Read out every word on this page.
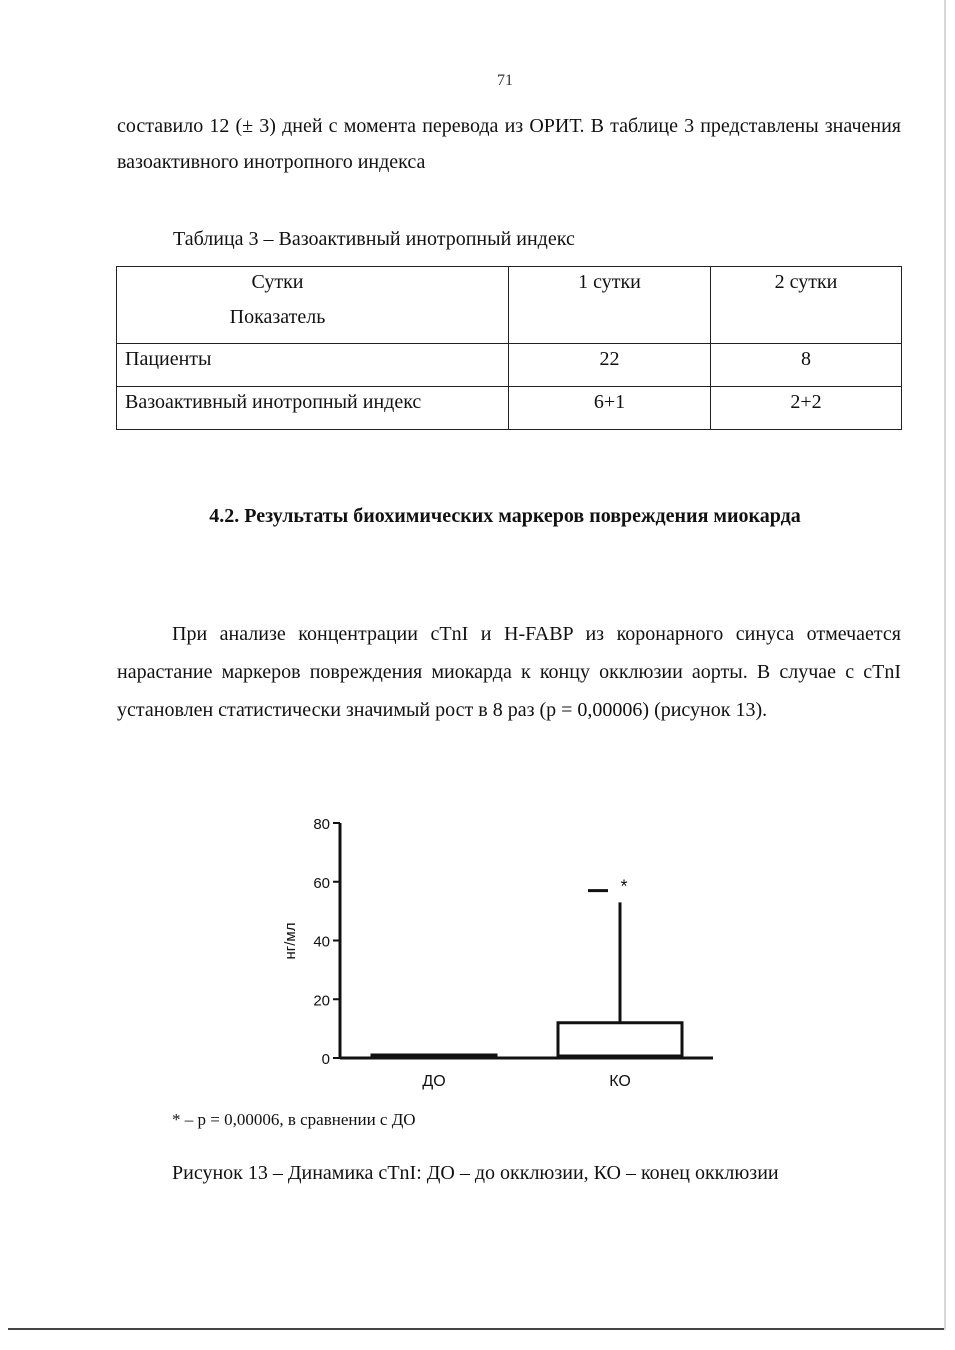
71

составило 12 (± 3) дней с момента перевода из ОРИТ. В таблице 3 представлены значения вазоактивного инотропного индекса

Таблица 3 – Вазоактивный инотропный индекс
Сутки
Показатель	1 сутки	2 сутки
Пациенты	22	8
Вазоактивный инотропный индекс	6+1	2+2
4.2. Результаты биохимических маркеров повреждения миокарда

При анализе концентрации cTnI и H-FABP из коронарного синуса отмечается нарастание маркеров повреждения миокарда к концу окклюзии аорты. В случае с cTnI установлен статистически значимый рост в 8 раз (р = 0,00006) (рисунок 13).

0
20
40
60
80
нг/мл
ДО	КО
*
* – р = 0,00006, в сравнении с ДО
Рисунок 13 – Динамика cTnI: ДО – до окклюзии, КО – конец окклюзии
